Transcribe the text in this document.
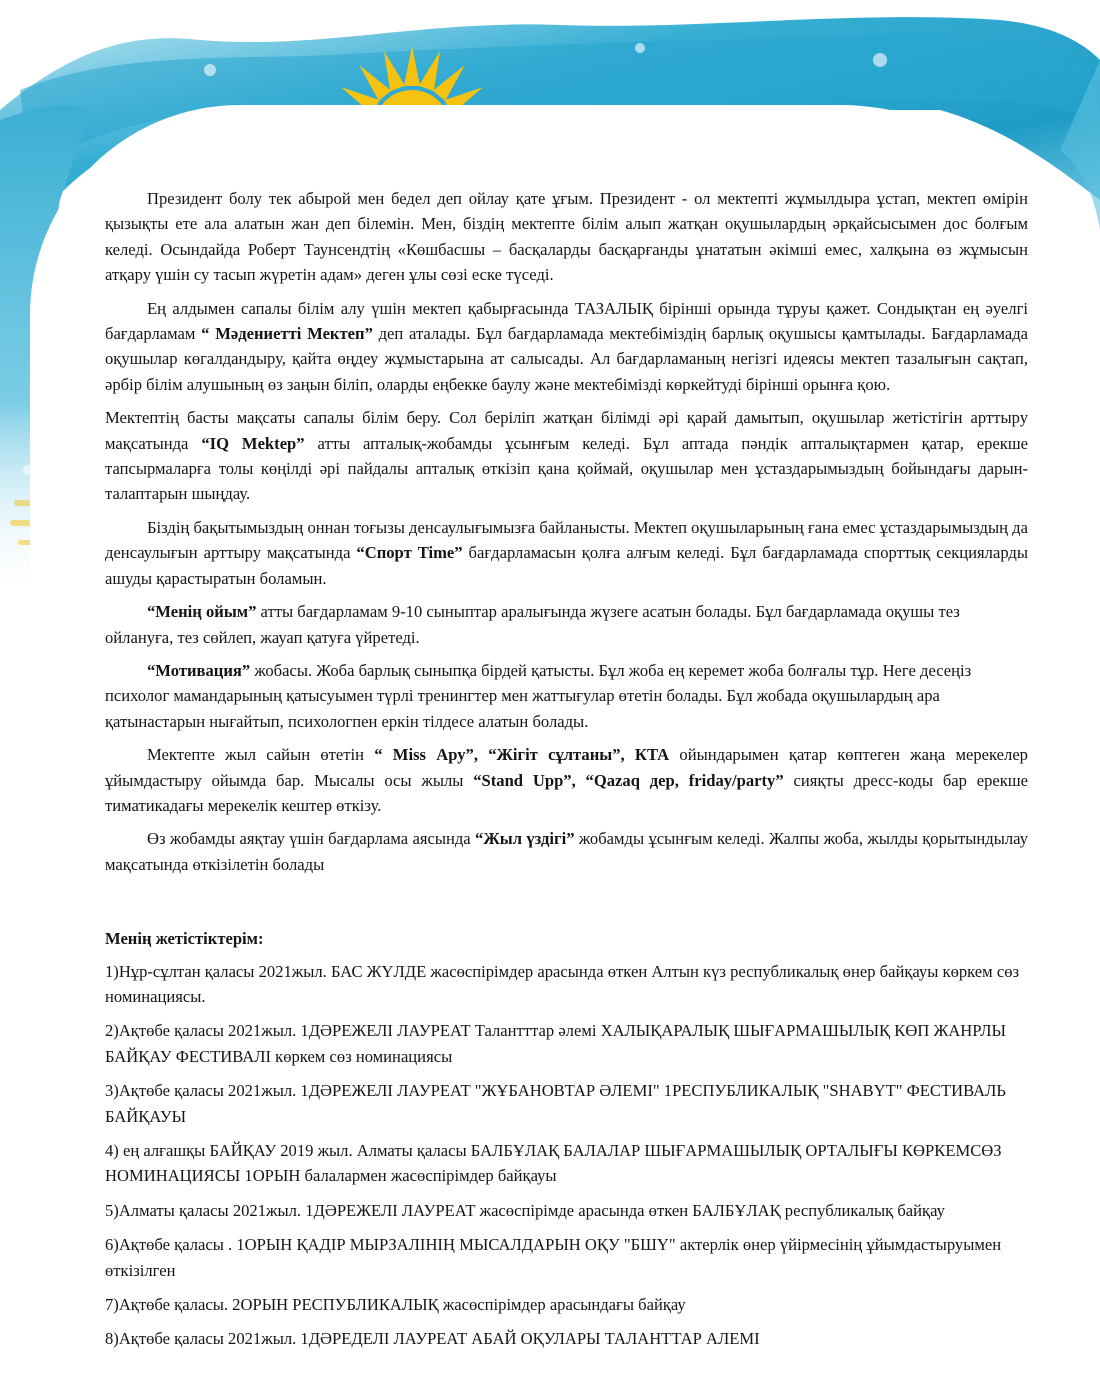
Президент болу тек абырой мен бедел деп ойлау қате ұғым. Президент - ол мектепті жұмылдыра ұстап, мектеп өмірін қызықты ете ала алатын жан деп білемін. Мен, біздің мектепте білім алып жатқан оқушылардың әрқайсысымен дос болғым келеді. Осындайда Роберт Таунсендтің «Көшбасшы – басқаларды басқарғанды ұнататын әкімші емес, халқына өз жұмысын атқару үшін су тасып жүретін адам» деген ұлы сөзі еске түседі.

Ең алдымен сапалы білім алу үшін мектеп қабырғасында ТАЗАЛЫҚ бірінші орында тұруы қажет. Сондықтан ең әуелгі бағдарламам “ Мәдениетті Мектеп” деп аталады. Бұл бағдарламада мектебіміздің барлық оқушысы қамтылады. Бағдарламада оқушылар көгалдандыру, қайта өңдеу жұмыстарына ат салысады. Ал бағдарламаның негізгі идеясы мектеп тазалығын сақтап, әрбір білім алушының өз заңын біліп, оларды еңбекке баулу және мектебімізді көркейтуді бірінші орынға қою.

Мектептің басты мақсаты сапалы білім беру. Сол беріліп жатқан білімді әрі қарай дамытып, оқушылар жетістігін арттыру мақсатында “IQ Mektep” атты апталық-жобамды ұсынғым келеді. Бұл аптада пәндік апталықтармен қатар, ерекше тапсырмаларға толы көңілді әрі пайдалы апталық өткізіп қана қоймай, оқушылар мен ұстаздарымыздың бойындағы дарын-талаптарын шыңдау.

Біздің бақытымыздың оннан тоғызы денсаулығымызға байланысты. Мектеп оқушыларының ғана емес ұстаздарымыздың да денсаулығын арттыру мақсатында “Спорт Time” бағдарламасын қолға алғым келеді. Бұл бағдарламада спорттық секцияларды ашуды қарастыратын боламын.

“Менің ойым” атты бағдарламам 9-10 сыныптар аралығында жүзеге асатын болады. Бұл бағдарламада оқушы тез ойлануға, тез сөйлеп, жауап қатуға үйретеді.

“Мотивация” жобасы. Жоба барлық сыныпқа бірдей қатысты. Бұл жоба ең керемет жоба болғалы тұр. Неге десеңіз психолог мамандарының қатысуымен түрлі тренингтер мен жаттығулар өтетін болады. Бұл жобада оқушылардың ара қатынастарын нығайтып, психологпен еркін тілдесе алатын болады.

Мектепте жыл сайын өтетін “ Miss Ару”, “Жігіт сұлтаны”, КТА ойындарымен қатар көптеген жаңа мерекелер ұйымдастыру ойымда бар. Мысалы осы жылы “Stand Upp”, “Qazaq дер, friday/party” сияқты дресс-коды бар ерекше тиматикадағы мерекелік кештер өткізу.

Өз жобамды аяқтау үшін бағдарлама аясында “Жыл үздігі” жобамды ұсынғым келеді. Жалпы жоба, жылды қорытындылау мақсатында өткізілетін болады

Менің жетістіктерім:

1)Нұр-сұлтан қаласы 2021жыл. БАС ЖҮЛДЕ жасөспірімдер арасында өткен Алтын күз республикалық өнер байқауы көркем сөз номинациясы.

2)Ақтөбе қаласы 2021жыл. 1ДӘРЕЖЕЛІ ЛАУРЕАТ Талантттар әлемі ХАЛЫҚАРАЛЫҚ ШЫҒАРМАШЫЛЫҚ КӨП ЖАНРЛЫ БАЙҚАУ ФЕСТИВАЛІ көркем сөз номинациясы

3)Ақтөбе қаласы 2021жыл. 1ДӘРЕЖЕЛІ ЛАУРЕАТ "ЖҰБАНОВТАР ӘЛЕМІ" 1РЕСПУБЛИКАЛЫҚ "SHABYT" ФЕСТИВАЛЬ БАЙҚАУЫ

4) ең алғашқы БАЙҚАУ 2019 жыл. Алматы қаласы БАЛБҰЛАҚ БАЛАЛАР ШЫҒАРМАШЫЛЫҚ ОРТАЛЫҒЫ КӨРКЕМСӨЗ НОМИНАЦИЯСЫ 1ОРЫН балалармен жасөспірімдер байқауы

5)Алматы қаласы 2021жыл. 1ДӘРЕЖЕЛІ ЛАУРЕАТ жасөспірімде арасында өткен БАЛБҰЛАҚ республикалық байқау

6)Ақтөбе қаласы . 1ОРЫН ҚАДІР МЫРЗАЛІНІҢ МЫСАЛДАРЫН ОҚУ "БШҮ" актерлік өнер үйірмесінің ұйымдастыруымен өткізілген

7)Ақтөбе қаласы. 2ОРЫН РЕСПУБЛИКАЛЫҚ жасөспірімдер арасындағы байқау

8)Ақтөбе қаласы 2021жыл. 1ДӘРЕДЕЛІ ЛАУРЕАТ АБАЙ ОҚУЛАРЫ ТАЛАНТТАР АЛЕМІ
